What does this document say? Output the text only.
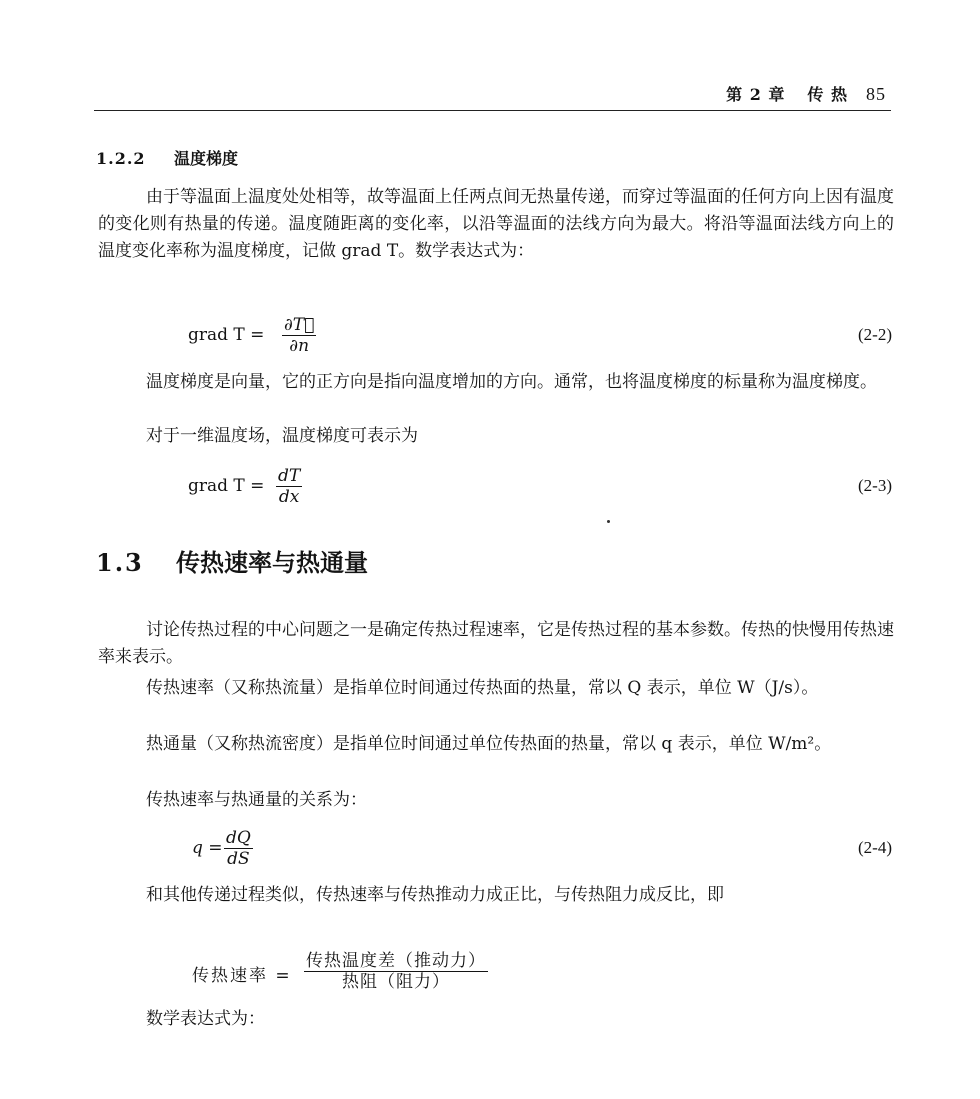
第 2 章 传 热 85
1.2.2 温度梯度

由于等温面上温度处处相等，故等温面上任两点间无热量传递，而穿过等温面的任何方向上因有温度的变化则有热量的传递。温度随距离的变化率，以沿等温面的法线方向为最大。将沿等温面法线方向上的温度变化率称为温度梯度，记做 grad T。数学表达式为：

grad $T = \frac{\partial T⃗}{\partial n}$	(2-2)

温度梯度是向量，它的正方向是指向温度增加的方向。通常，也将温度梯度的标量称为温度梯度。

对于一维温度场，温度梯度可表示为

grad $T = \frac{dT}{dx}$	(2-3)
1.3 传热速率与热通量

讨论传热过程的中心问题之一是确定传热过程速率，它是传热过程的基本参数。传热的快慢用传热速率来表示。

传热速率（又称热流量）是指单位时间通过传热面的热量，常以 Q 表示，单位 W（J/s）。

热通量（又称热流密度）是指单位时间通过单位传热面的热量，常以 q 表示，单位 W/m²。

传热速率与热通量的关系为：

$q = \frac{dQ}{dS}$	(2-4)

和其他传递过程类似，传热速率与传热推动力成正比，与传热阻力成反比，即

传热速率 =
传热温度差（推动力）
热阻（阻力）

数学表达式为：
